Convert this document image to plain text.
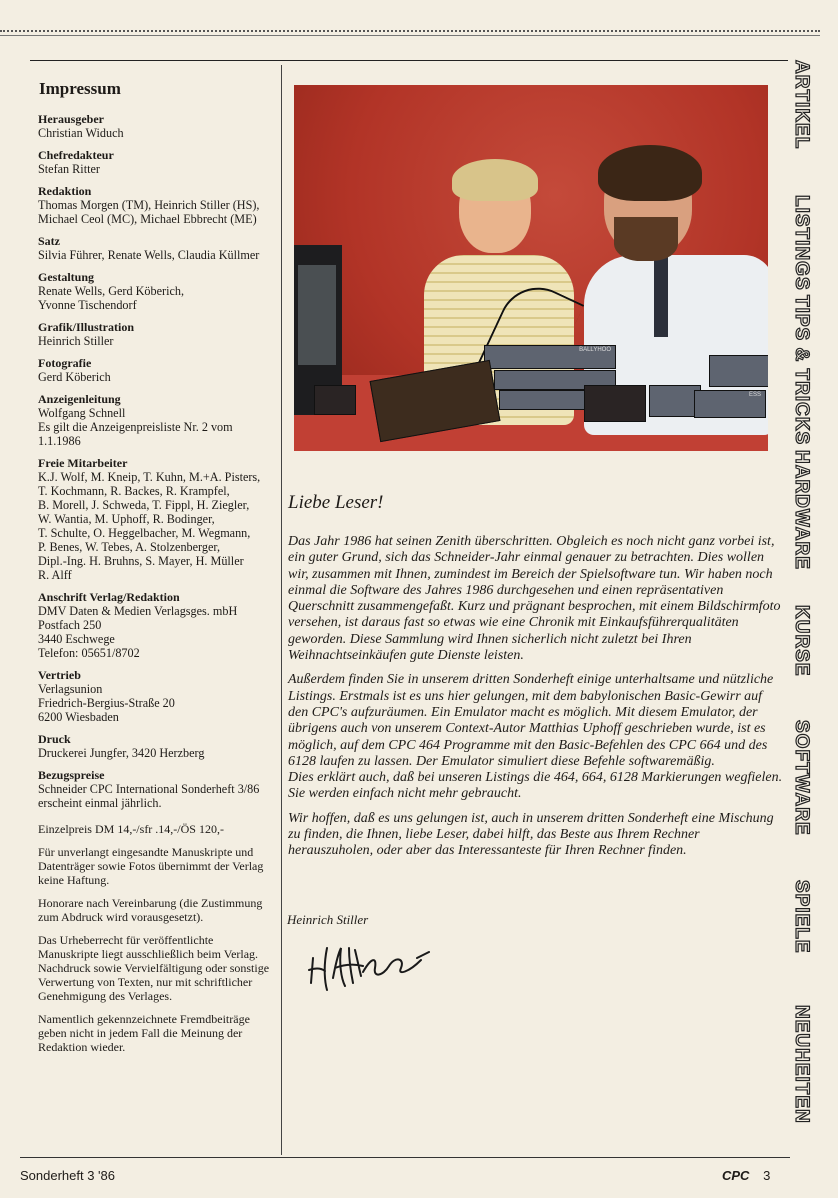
Impressum
Herausgeber
Christian Widuch
Chefredakteur
Stefan Ritter
Redaktion
Thomas Morgen (TM), Heinrich Stiller (HS),
Michael Ceol (MC), Michael Ebbrecht (ME)
Satz
Silvia Führer, Renate Wells, Claudia Küllmer
Gestaltung
Renate Wells, Gerd Köberich,
Yvonne Tischendorf
Grafik/Illustration
Heinrich Stiller
Fotografie
Gerd Köberich
Anzeigenleitung
Wolfgang Schnell
Es gilt die Anzeigenpreisliste Nr. 2 vom
1.1.1986
Freie Mitarbeiter
K.J. Wolf, M. Kneip, T. Kuhn, M.+A. Pisters,
T. Kochmann, R. Backes, R. Krampfel,
B. Morell, J. Schweda, T. Fippl, H. Ziegler,
W. Wantia, M. Uphoff, R. Bodinger,
T. Schulte, O. Heggelbacher, M. Wegmann,
P. Benes, W. Tebes, A. Stolzenberger,
Dipl.-Ing. H. Bruhns, S. Mayer, H. Müller
R. Alff
Anschrift Verlag/Redaktion
DMV Daten & Medien Verlagsges. mbH
Postfach 250
3440 Eschwege
Telefon: 05651/8702
Vertrieb
Verlagsunion
Friedrich-Bergius-Straße 20
6200 Wiesbaden
Druck
Druckerei Jungfer, 3420 Herzberg
Bezugspreise
Schneider CPC International Sonderheft 3/86
erscheint einmal jährlich.
Einzelpreis DM 14,-/sfr .14,-/ÖS 120,-
Für unverlangt eingesandte Manuskripte und Datenträger sowie Fotos übernimmt der Verlag keine Haftung.
Honorare nach Vereinbarung (die Zustimmung zum Abdruck wird vorausgesetzt).
Das Urheberrecht für veröffentlichte Manuskripte liegt ausschließlich beim Verlag. Nachdruck sowie Vervielfältigung oder sonstige Verwertung von Texten, nur mit schriftlicher Genehmigung des Verlages.
Namentlich gekennzeichnete Fremdbeiträge geben nicht in jedem Fall die Meinung der Redaktion wieder.
BALLYHOO
ESS
Liebe Leser!
Das Jahr 1986 hat seinen Zenith überschritten. Obgleich es noch nicht ganz vorbei ist, ein guter Grund, sich das Schneider-Jahr einmal genauer zu betrachten. Dies wollen wir, zusammen mit Ihnen, zumindest im Bereich der Spielsoftware tun. Wir haben noch einmal die Software des Jahres 1986 durchgesehen und einen repräsentativen Querschnitt zusammengefaßt. Kurz und prägnant besprochen, mit einem Bildschirmfoto versehen, ist daraus fast so etwas wie eine Chronik mit Einkaufsführerqualitäten geworden. Diese Sammlung wird Ihnen sicherlich nicht zuletzt bei Ihren Weihnachtseinkäufen gute Dienste leisten.
Außerdem finden Sie in unserem dritten Sonderheft einige unterhaltsame und nützliche Listings. Erstmals ist es uns hier gelungen, mit dem babylonischen Basic-Gewirr auf den CPC's aufzuräumen. Ein Emulator macht es möglich. Mit diesem Emulator, der übrigens auch von unserem Context-Autor Matthias Uphoff geschrieben wurde, ist es möglich, auf dem CPC 464 Programme mit den Basic-Befehlen des CPC 664 und des 6128 laufen zu lassen. Der Emulator simuliert diese Befehle softwaremäßig.
Dies erklärt auch, daß bei unseren Listings die 464, 664, 6128 Markierungen wegfielen. Sie werden einfach nicht mehr gebraucht.
Wir hoffen, daß es uns gelungen ist, auch in unserem dritten Sonderheft eine Mischung zu finden, die Ihnen, liebe Leser, dabei hilft, das Beste aus Ihrem Rechner herauszuholen, oder aber das Interessanteste für Ihren Rechner finden.
Heinrich Stiller
ARTIKEL
LISTINGS
TIPS & TRICKS
HARDWARE
KURSE
SOFTWARE
SPIELE
NEUHEITEN
Sonderheft 3 '86	CPC 3
